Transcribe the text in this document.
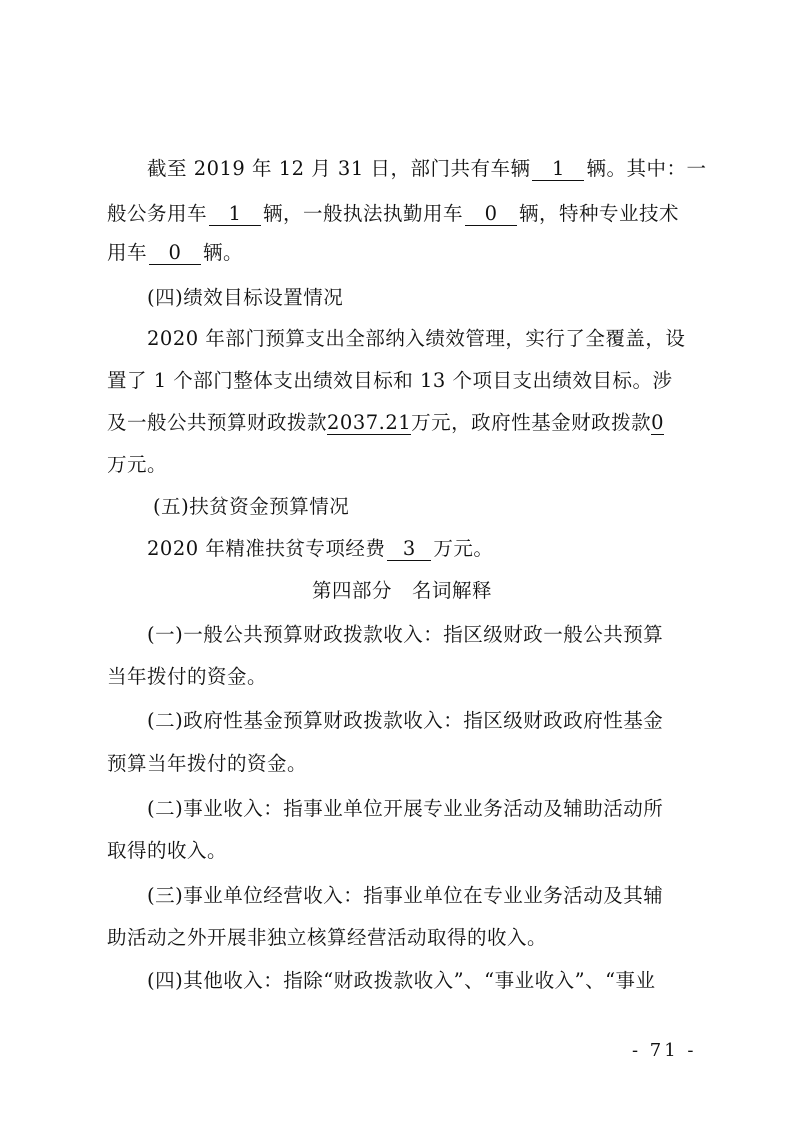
截至 2019 年 12 月 31 日，部门共有车辆 1 辆。其中：一
般公务用车 1 辆，一般执法执勤用车 0 辆，特种专业技术
用车 0 辆。
(四)绩效目标设置情况
2020 年部门预算支出全部纳入绩效管理，实行了全覆盖，设
置了 1 个部门整体支出绩效目标和 13 个项目支出绩效目标。涉
及一般公共预算财政拨款2037.21万元，政府性基金财政拨款0
万元。
(五)扶贫资金预算情况
2020 年精准扶贫专项经费 3 万元。
第四部分　名词解释
(一)一般公共预算财政拨款收入：指区级财政一般公共预算
当年拨付的资金。
(二)政府性基金预算财政拨款收入：指区级财政政府性基金
预算当年拨付的资金。
(二)事业收入：指事业单位开展专业业务活动及辅助活动所
取得的收入。
(三)事业单位经营收入：指事业单位在专业业务活动及其辅
助活动之外开展非独立核算经营活动取得的收入。
(四)其他收入：指除“财政拨款收入”、“事业收入”、“事业
- 71 -
